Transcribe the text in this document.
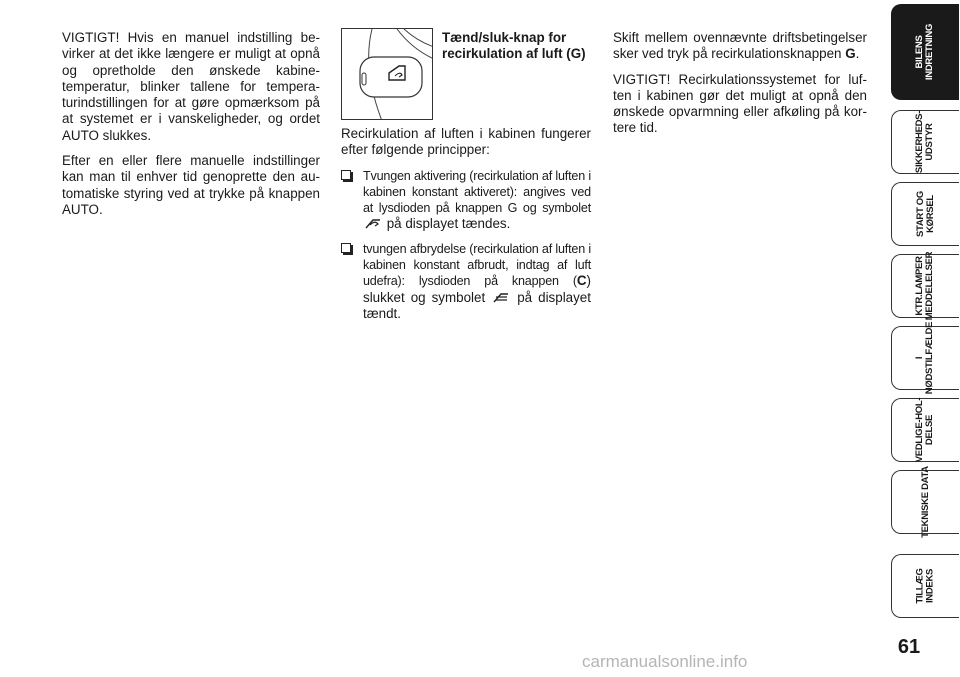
VIGTIGT! Hvis en manuel indstilling bevirker at det ikke længere er muligt at opnå og opretholde den ønskede kabinetemperatur, blinker tallene for temperaturindstillingen for at gøre opmærksom på at systemet er i vanskeligheder, og ordet AUTO slukkes.

Efter en eller flere manuelle indstillinger kan man til enhver tid genoprette den automatiske styring ved at trykke på knappen AUTO.

Tænd/sluk-knap for recirkulation af luft (G)

Recirkulation af luften i kabinen fungerer efter følgende principper:

Tvungen aktivering (recirkulation af luften i kabinen konstant aktiveret): angives ved at lysdioden på knappen G og symbolet  på displayet tændes.
tvungen afbrydelse (recirkulation af luften i kabinen konstant afbrudt, indtag af luft udefra): lysdioden på knappen (C) slukket og symbolet på displayet tændt.

Skift mellem ovennævnte driftsbetingelser sker ved tryk på recirkulationsknappen G.

VIGTIGT! Recirkulationssystemet for luften i kabinen gør det muligt at opnå den ønskede opvarmning eller afkøling på kortere tid.

BILENS
INDRETNING
SIKKERHEDS-
UDSTYR
START OG
KØRSEL
KTR.LAMPER
MEDDELELSER
I
NØDSTILFÆLDE
VEDLIGE-HOL-
DELSE
TEKNISKE DATA
TILLÆG
INDEKS
61
carmanualsonline.info
